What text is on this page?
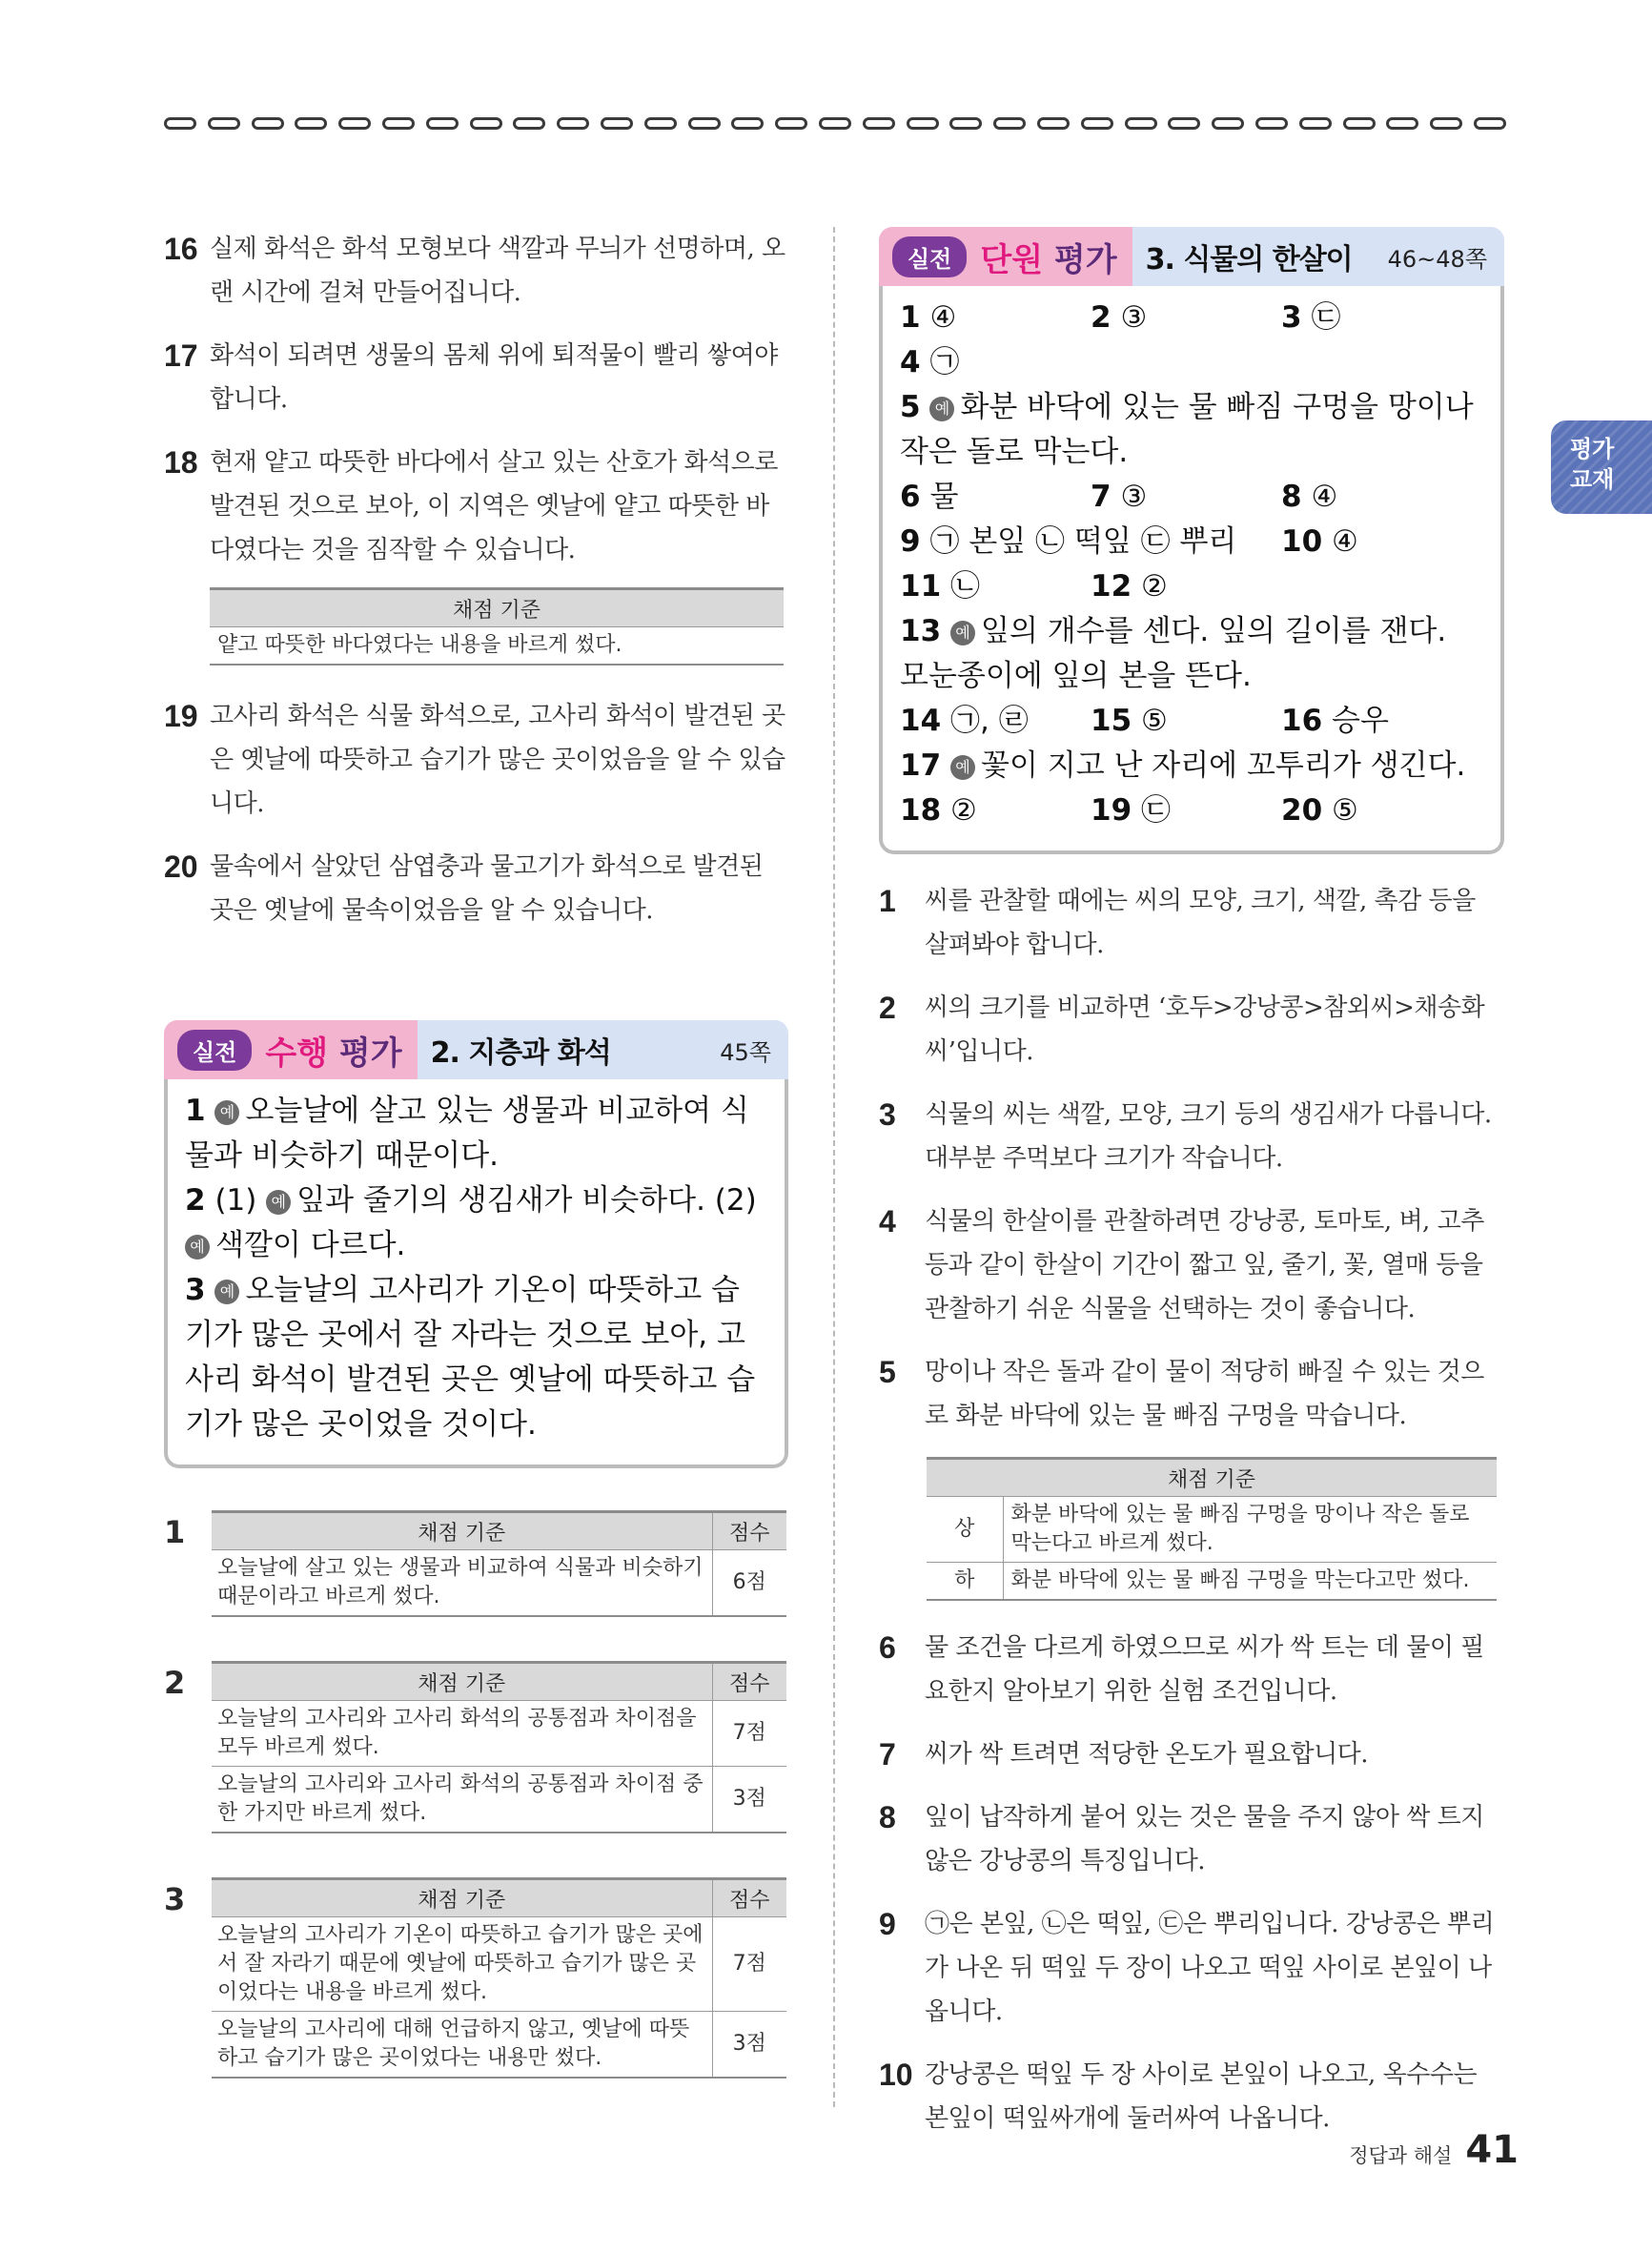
16 실제 화석은 화석 모형보다 색깔과 무늬가 선명하며, 오랜 시간에 걸쳐 만들어집니다.
17 화석이 되려면 생물의 몸체 위에 퇴적물이 빨리 쌓여야 합니다.
18 현재 얕고 따뜻한 바다에서 살고 있는 산호가 화석으로 발견된 것으로 보아, 이 지역은 옛날에 얕고 따뜻한 바다였다는 것을 짐작할 수 있습니다.
채점 기준
얕고 따뜻한 바다였다는 내용을 바르게 썼다.
19 고사리 화석은 식물 화석으로, 고사리 화석이 발견된 곳은 옛날에 따뜻하고 습기가 많은 곳이었음을 알 수 있습니다.
20 물속에서 살았던 삼엽충과 물고기가 화석으로 발견된 곳은 옛날에 물속이었음을 알 수 있습니다.
실전 수행 평가	2. 지층과 화석	45쪽
1 예 오늘날에 살고 있는 생물과 비교하여 식물과 비슷하기 때문이다.
2 (1) 예 잎과 줄기의 생김새가 비슷하다. (2) 예 색깔이 다르다.
3 예 오늘날의 고사리가 기온이 따뜻하고 습기가 많은 곳에서 잘 자라는 것으로 보아, 고사리 화석이 발견된 곳은 옛날에 따뜻하고 습기가 많은 곳이었을 것이다.
1	채점 기준	점수
오늘날에 살고 있는 생물과 비교하여 식물과 비슷하기 때문이라고 바르게 썼다.	6점
2	채점 기준	점수
오늘날의 고사리와 고사리 화석의 공통점과 차이점을 모두 바르게 썼다.	7점
오늘날의 고사리와 고사리 화석의 공통점과 차이점 중 한 가지만 바르게 썼다.	3점
3	채점 기준	점수
오늘날의 고사리가 기온이 따뜻하고 습기가 많은 곳에서 잘 자라기 때문에 옛날에 따뜻하고 습기가 많은 곳이었다는 내용을 바르게 썼다.	7점
오늘날의 고사리에 대해 언급하지 않고, 옛날에 따뜻하고 습기가 많은 곳이었다는 내용만 썼다.	3점
실전 단원 평가	3. 식물의 한살이 46~48쪽
1 ④	2 ③	3 ㉢
4 ㉠
5 예 화분 바닥에 있는 물 빠짐 구멍을 망이나 작은 돌로 막는다.
6 물	7 ③	8 ④
9 ㉠ 본잎 ㉡ 떡잎 ㉢ 뿌리	10 ④
11 ㉡	12 ②
13 예 잎의 개수를 센다. 잎의 길이를 잰다. 모눈종이에 잎의 본을 뜬다.
14 ㉠, ㉣	15 ⑤	16 승우
17 예 꽃이 지고 난 자리에 꼬투리가 생긴다.
18 ②	19 ㉢	20 ⑤
1	씨를 관찰할 때에는 씨의 모양, 크기, 색깔, 촉감 등을 살펴봐야 합니다.
2	씨의 크기를 비교하면 ‘호두>강낭콩>참외씨>채송화씨’입니다.
3	식물의 씨는 색깔, 모양, 크기 등의 생김새가 다릅니다. 대부분 주먹보다 크기가 작습니다.
4	식물의 한살이를 관찰하려면 강낭콩, 토마토, 벼, 고추 등과 같이 한살이 기간이 짧고 잎, 줄기, 꽃, 열매 등을 관찰하기 쉬운 식물을 선택하는 것이 좋습니다.
5	망이나 작은 돌과 같이 물이 적당히 빠질 수 있는 것으로 화분 바닥에 있는 물 빠짐 구멍을 막습니다.
채점 기준	
상	화분 바닥에 있는 물 빠짐 구멍을 망이나 작은 돌로 막는다고 바르게 썼다.
하	화분 바닥에 있는 물 빠짐 구멍을 막는다고만 썼다.
6	물 조건을 다르게 하였으므로 씨가 싹 트는 데 물이 필요한지 알아보기 위한 실험 조건입니다.
7	씨가 싹 트려면 적당한 온도가 필요합니다.
8	잎이 납작하게 붙어 있는 것은 물을 주지 않아 싹 트지 않은 강낭콩의 특징입니다.
9	㉠은 본잎, ㉡은 떡잎, ㉢은 뿌리입니다. 강낭콩은 뿌리가 나온 뒤 떡잎 두 장이 나오고 떡잎 사이로 본잎이 나옵니다.
10 강낭콩은 떡잎 두 장 사이로 본잎이 나오고, 옥수수는 본잎이 떡잎싸개에 둘러싸여 나옵니다.
평가
교재
정답과 해설 41
